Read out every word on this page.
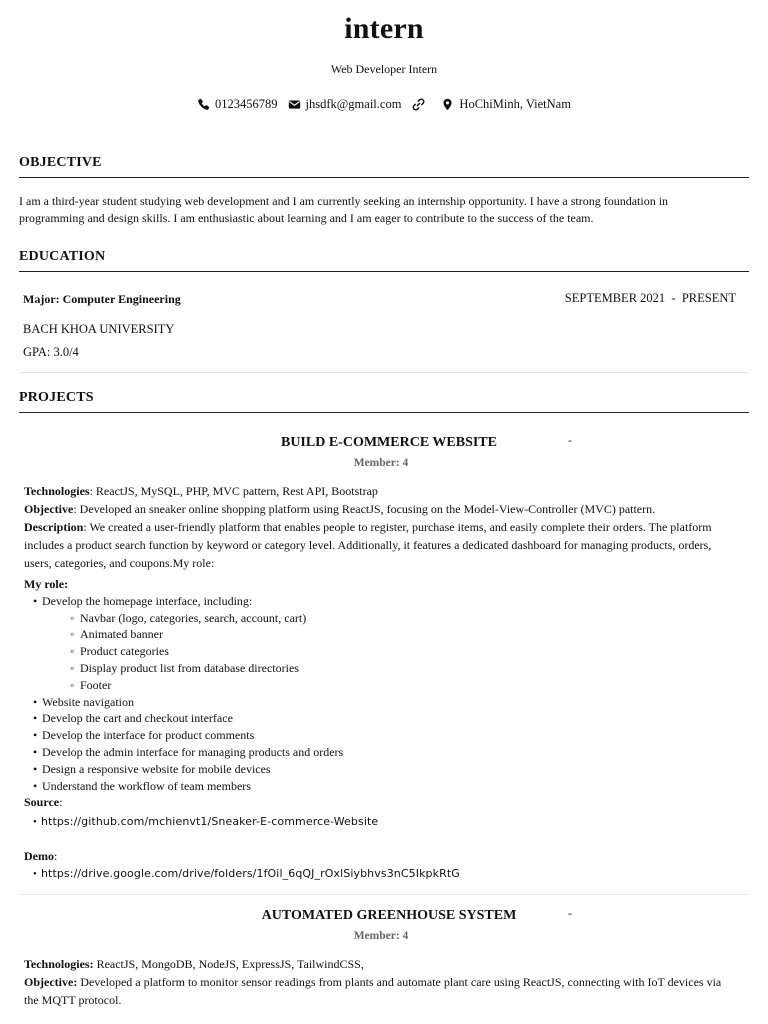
intern
Web Developer Intern
0123456789 jhsdfk@gmail.com	HoChiMinh, VietNam
OBJECTIVE
I am a third-year student studying web development and I am currently seeking an internship opportunity. I have a strong foundation in programming and design skills. I am enthusiastic about learning and I am eager to contribute to the success of the team.
EDUCATION
Major: Computer Engineering	SEPTEMBER 2021  -  PRESENT
BACH KHOA UNIVERSITY
GPA: 3.0/4
PROJECTS
BUILD E-COMMERCE WEBSITE	-
Member: 4
Technologies: ReactJS, MySQL, PHP, MVC pattern, Rest API, Bootstrap
Objective: Developed an sneaker online shopping platform using ReactJS, focusing on the Model-View-Controller (MVC) pattern.
Description: We created a user-friendly platform that enables people to register, purchase items, and easily complete their orders. The platform includes a product search function by keyword or category level. Additionally, it features a dedicated dashboard for managing products, orders, users, categories, and coupons.My role:
My role:
• Develop the homepage interface, including:
◦ Navbar (logo, categories, search, account, cart)
◦ Animated banner
◦ Product categories
◦ Display product list from database directories
◦ Footer
• Website navigation
• Develop the cart and checkout interface
• Develop the interface for product comments
• Develop the admin interface for managing products and orders
• Design a responsive website for mobile devices
• Understand the workflow of team members
Source:
• https://github.com/mchienvt1/Sneaker-E-commerce-Website
Demo:
• https://drive.google.com/drive/folders/1fOil_6qQJ_rOxlSiybhvs3nC5IkpkRtG
AUTOMATED GREENHOUSE SYSTEM	-
Member: 4
Technologies: ReactJS, MongoDB, NodeJS, ExpressJS, TailwindCSS,
Objective: Developed a platform to monitor sensor readings from plants and automate plant care using ReactJS, connecting with IoT devices via the MQTT protocol.
